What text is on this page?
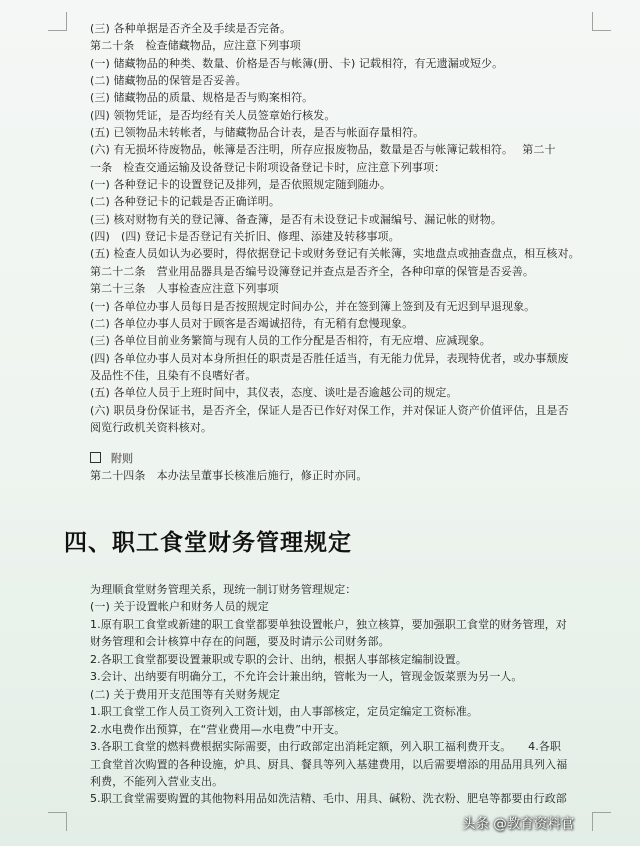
(三) 各种单据是否齐全及手续是否完备。
第二十条　检查储藏物品，应注意下列事项
(一) 储藏物品的种类、数量、价格是否与帐簿(册、卡) 记载相符，有无遗漏或短少。
(二) 储藏物品的保管是否妥善。
(三) 储藏物品的质量、规格是否与购案相符。
(四) 领物凭证，是否均经有关人员签章始行核发。
(五) 已领物品未转帐者，与储藏物品合计表，是否与帐面存量相符。
(六) 有无损坏待废物品，帐簿是否注明，所存应报废物品，数量是否与帐簿记载相符。　 第二十
一条　检查交通运输及设备登记卡附项设备登记卡时，应注意下列事项：
(一) 各种登记卡的设置登记及排列，是否依照规定随到随办。
(二) 各种登记卡的记载是否正确详明。
(三) 核对财物有关的登记簿、备查簿，是否有未设登记卡或漏编号、漏记帐的财物。
(四)　(四) 登记卡是否登记有关折旧、修理、添建及转移事项。
(五) 检查人员如认为必要时，得依据登记卡或财务登记有关帐簿，实地盘点或抽查盘点，相互核对。
第二十二条　营业用品器具是否编号设簿登记并查点是否齐全，各种印章的保管是否妥善。
第二十三条　人事检查应注意下列事项
(一) 各单位办事人员每日是否按照规定时间办公，并在签到簿上签到及有无迟到早退现象。
(二) 各单位办事人员对于顾客是否竭诚招待，有无稍有怠慢现象。
(三) 各单位目前业务繁简与现有人员的工作分配是否相符，有无应增、应减现象。
(四) 各单位办事人员对本身所担任的职责是否胜任适当，有无能力优异，表现特优者，或办事颓废
及品性不佳，且染有不良嗜好者。
(五) 各单位人员于上班时间中，其仪表，态度、谈吐是否逾越公司的规定。
(六) 职员身份保证书，是否齐全，保证人是否已作好对保工作，并对保证人资产价值评估，且是否
阅览行政机关资料核对。
附则
第二十四条　本办法呈董事长核准后施行，修正时亦同。
四、职工食堂财务管理规定
为理顺食堂财务管理关系，现统一制订财务管理规定：
(一) 关于设置帐户和财务人员的规定
1.原有职工食堂或新建的职工食堂都要单独设置帐户，独立核算，要加强职工食堂的财务管理，对
财务管理和会计核算中存在的问题，要及时请示公司财务部。
2.各职工食堂都要设置兼职或专职的会计、出纳，根据人事部核定编制设置。
3.会计、出纳要有明确分工，不允许会计兼出纳，管帐为一人，管现金饭菜票为另一人。
(二) 关于费用开支范围等有关财务规定
1.职工食堂工作人员工资列入工资计划，由人事部核定，定员定编定工资标准。
2.水电费作出预算，在“营业费用—水电费”中开支。
3.各职工食堂的燃料费根据实际需要，由行政部定出消耗定额，列入职工福利费开支。　　4.各职
工食堂首次购置的各种设施，炉具、厨具、餐具等列入基建费用，以后需要增添的用品用具列入福
利费，不能列入营业支出。
5.职工食堂需要购置的其他物料用品如洗洁精、毛巾、用具、碱粉、洗衣粉、肥皂等都要由行政部
头条 @教育资料官
